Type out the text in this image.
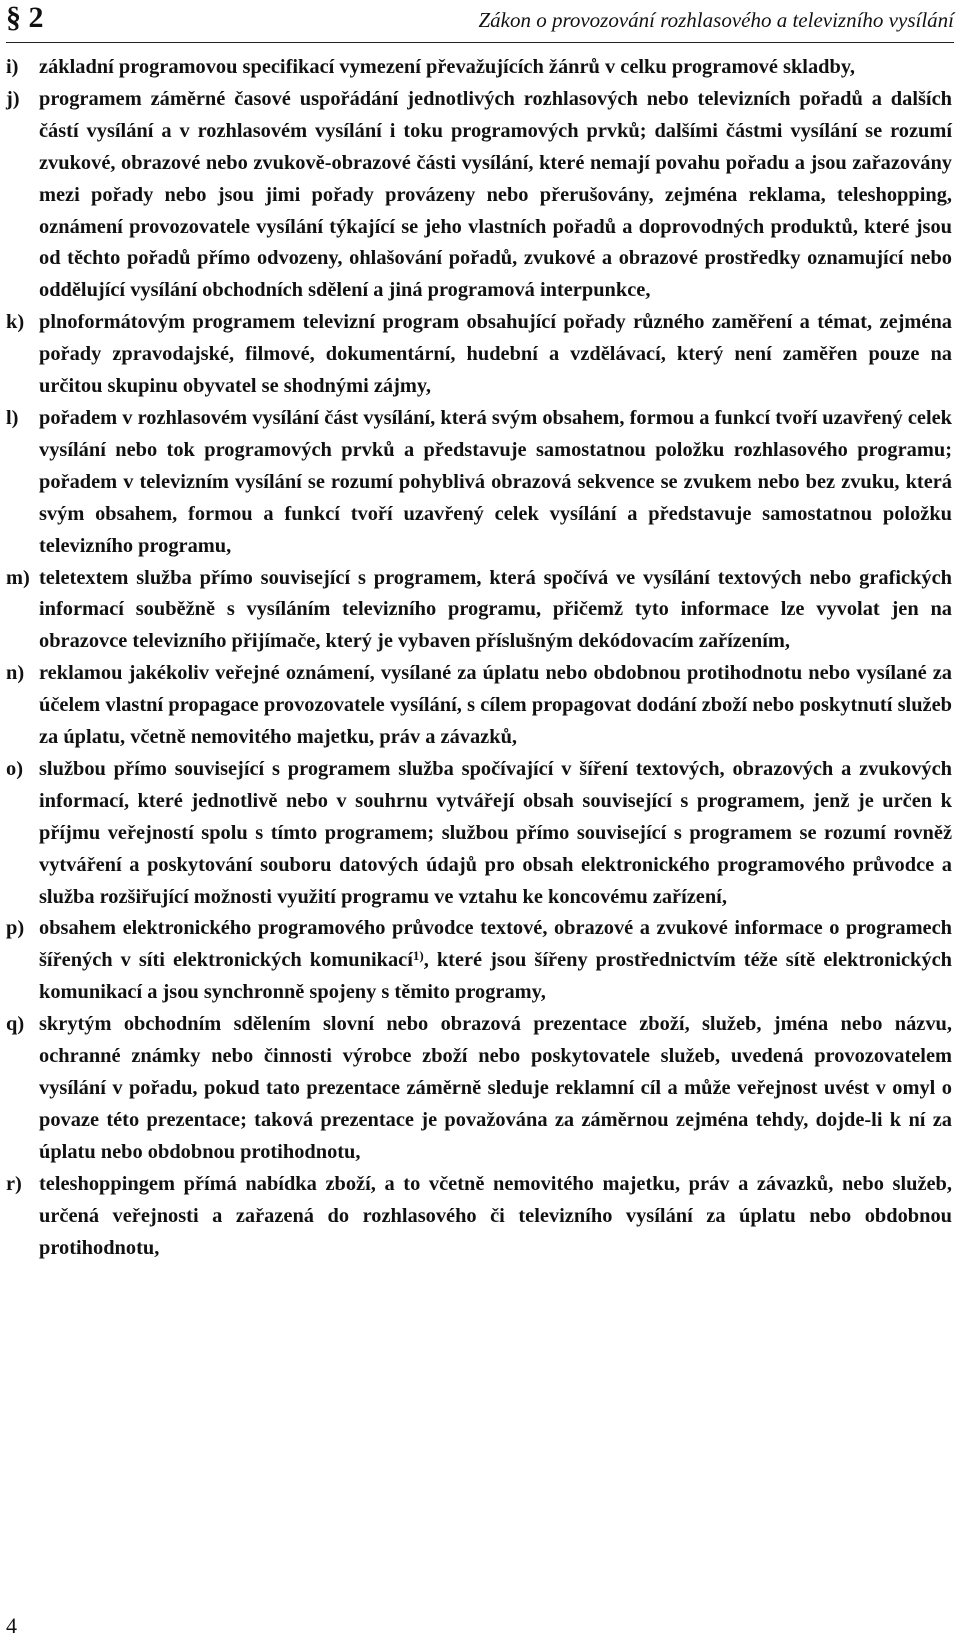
§ 2	Zákon o provozování rozhlasového a televizního vysílání
i) základní programovou specifikací vymezení převažujících žánrů v celku programové skladby,
j) programem záměrné časové uspořádání jednotlivých rozhlasových nebo televizních pořadů a dalších částí vysílání a v rozhlasovém vysílání i toku programových prvků; dalšími částmi vysílání se rozumí zvukové, obrazové nebo zvukově-obrazové části vysílání, které nemají povahu pořadu a jsou zařazovány mezi pořady nebo jsou jimi pořady provázeny nebo přerušovány, zejména reklama, teleshopping, oznámení provozovatele vysílání týkající se jeho vlastních pořadů a doprovodných produktů, které jsou od těchto pořadů přímo odvozeny, ohlašování pořadů, zvukové a obrazové prostředky oznamující nebo oddělující vysílání obchodních sdělení a jiná programová interpunkce,
k) plnoformátovým programem televizní program obsahující pořady různého zaměření a témat, zejména pořady zpravodajské, filmové, dokumentární, hudební a vzdělávací, který není zaměřen pouze na určitou skupinu obyvatel se shodnými zájmy,
l) pořadem v rozhlasovém vysílání část vysílání, která svým obsahem, formou a funkcí tvoří uzavřený celek vysílání nebo tok programových prvků a představuje samostatnou položku rozhlasového programu; pořadem v televizním vysílání se rozumí pohyblivá obrazová sekvence se zvukem nebo bez zvuku, která svým obsahem, formou a funkcí tvoří uzavřený celek vysílání a představuje samostatnou položku televizního programu,
m) teletextem služba přímo související s programem, která spočívá ve vysílání textových nebo grafických informací souběžně s vysíláním televizního programu, přičemž tyto informace lze vyvolat jen na obrazovce televizního přijímače, který je vybaven příslušným dekódovacím zařízením,
n) reklamou jakékoliv veřejné oznámení, vysílané za úplatu nebo obdobnou protihodnotu nebo vysílané za účelem vlastní propagace provozovatele vysílání, s cílem propagovat dodání zboží nebo poskytnutí služeb za úplatu, včetně nemovitého majetku, práv a závazků,
o) službou přímo související s programem služba spočívající v šíření textových, obrazových a zvukových informací, které jednotlivě nebo v souhrnu vytvářejí obsah související s programem, jenž je určen k příjmu veřejností spolu s tímto programem; službou přímo související s programem se rozumí rovněž vytváření a poskytování souboru datových údajů pro obsah elektronického programového průvodce a služba rozšiřující možnosti využití programu ve vztahu ke koncovému zařízení,
p) obsahem elektronického programového průvodce textové, obrazové a zvukové informace o programech šířených v síti elektronických komunikací$^{1)}$, které jsou šířeny prostřednictvím téže sítě elektronických komunikací a jsou synchronně spojeny s těmito programy,
q) skrytým obchodním sdělením slovní nebo obrazová prezentace zboží, služeb, jména nebo názvu, ochranné známky nebo činnosti výrobce zboží nebo poskytovatele služeb, uvedená provozovatelem vysílání v pořadu, pokud tato prezentace záměrně sleduje reklamní cíl a může veřejnost uvést v omyl o povaze této prezentace; taková prezentace je považována za záměrnou zejména tehdy, dojde-li k ní za úplatu nebo obdobnou protihodnotu,
r) teleshoppingem přímá nabídka zboží, a to včetně nemovitého majetku, práv a závazků, nebo služeb, určená veřejnosti a zařazená do rozhlasového či televizního vysílání za úplatu nebo obdobnou protihodnotu,
4
